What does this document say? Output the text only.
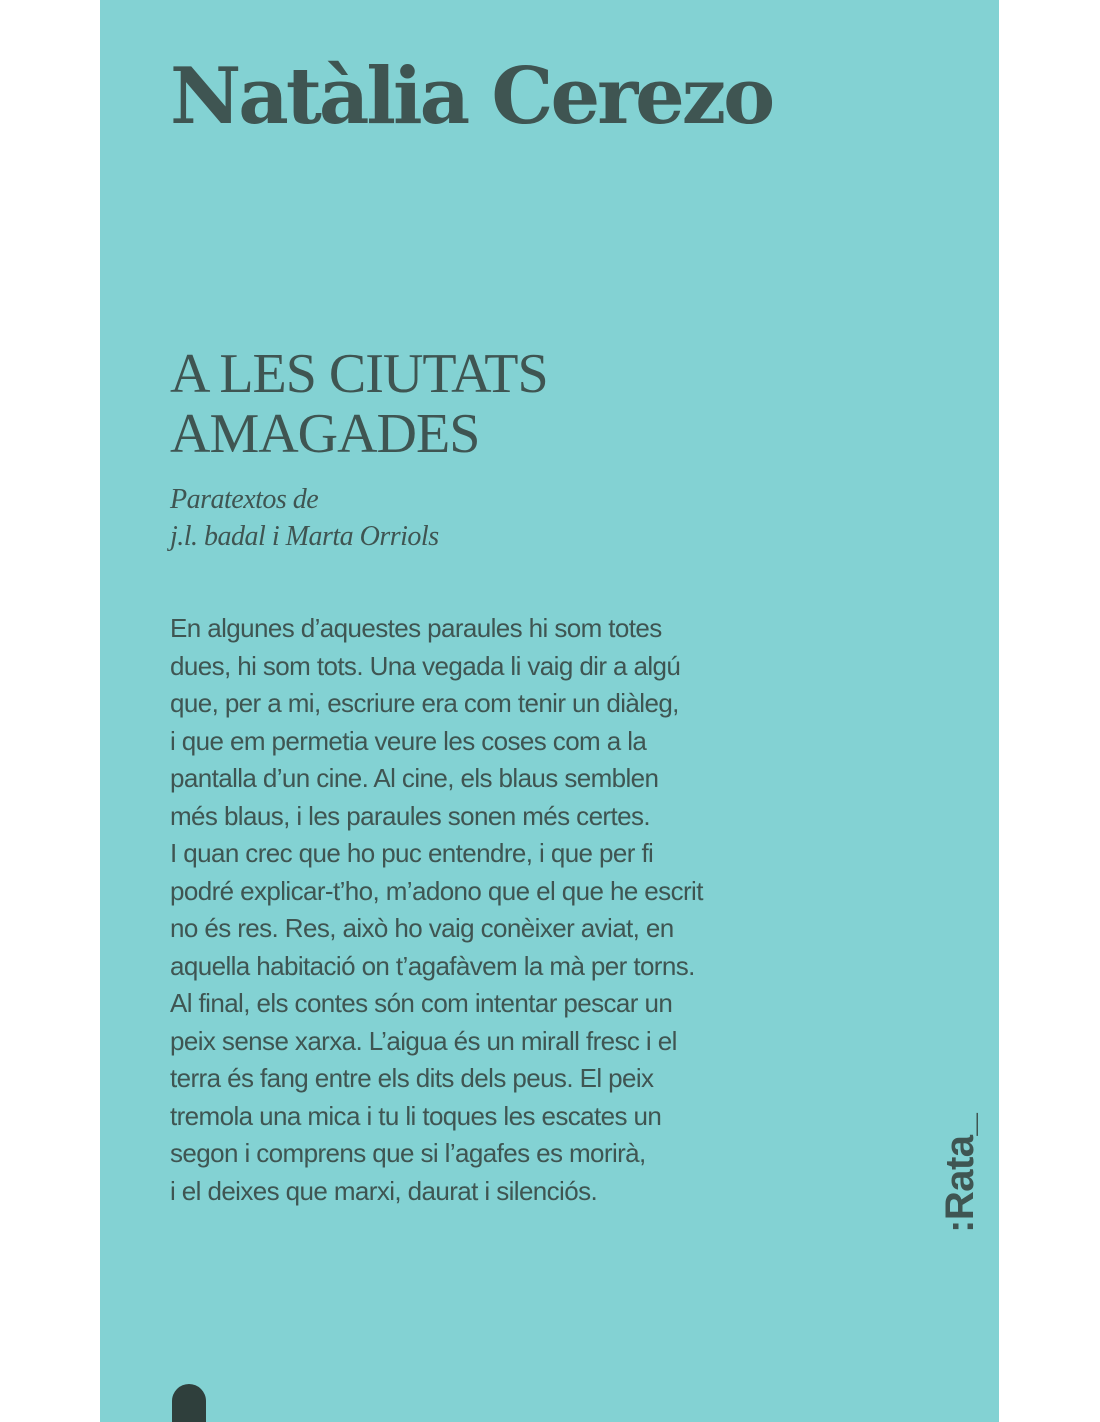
Natàlia Cerezo
A LES CIUTATS
AMAGADES
Paratextos de
j.l. badal i Marta Orriols
En algunes d’aquestes paraules hi som totes
dues, hi som tots. Una vegada li vaig dir a algú
que, per a mi, escriure era com tenir un diàleg,
i que em permetia veure les coses com a la
pantalla d’un cine. Al cine, els blaus semblen
més blaus, i les paraules sonen més certes.
I quan crec que ho puc entendre, i que per fi
podré explicar-t’ho, m’adono que el que he escrit
no és res. Res, això ho vaig conèixer aviat, en
aquella habitació on t’agafàvem la mà per torns.
Al final, els contes són com intentar pescar un
peix sense xarxa. L’aigua és un mirall fresc i el
terra és fang entre els dits dels peus. El peix
tremola una mica i tu li toques les escates un
segon i comprens que si l’agafes es morirà,
i el deixes que marxi, daurat i silenciós.	:Rata_
